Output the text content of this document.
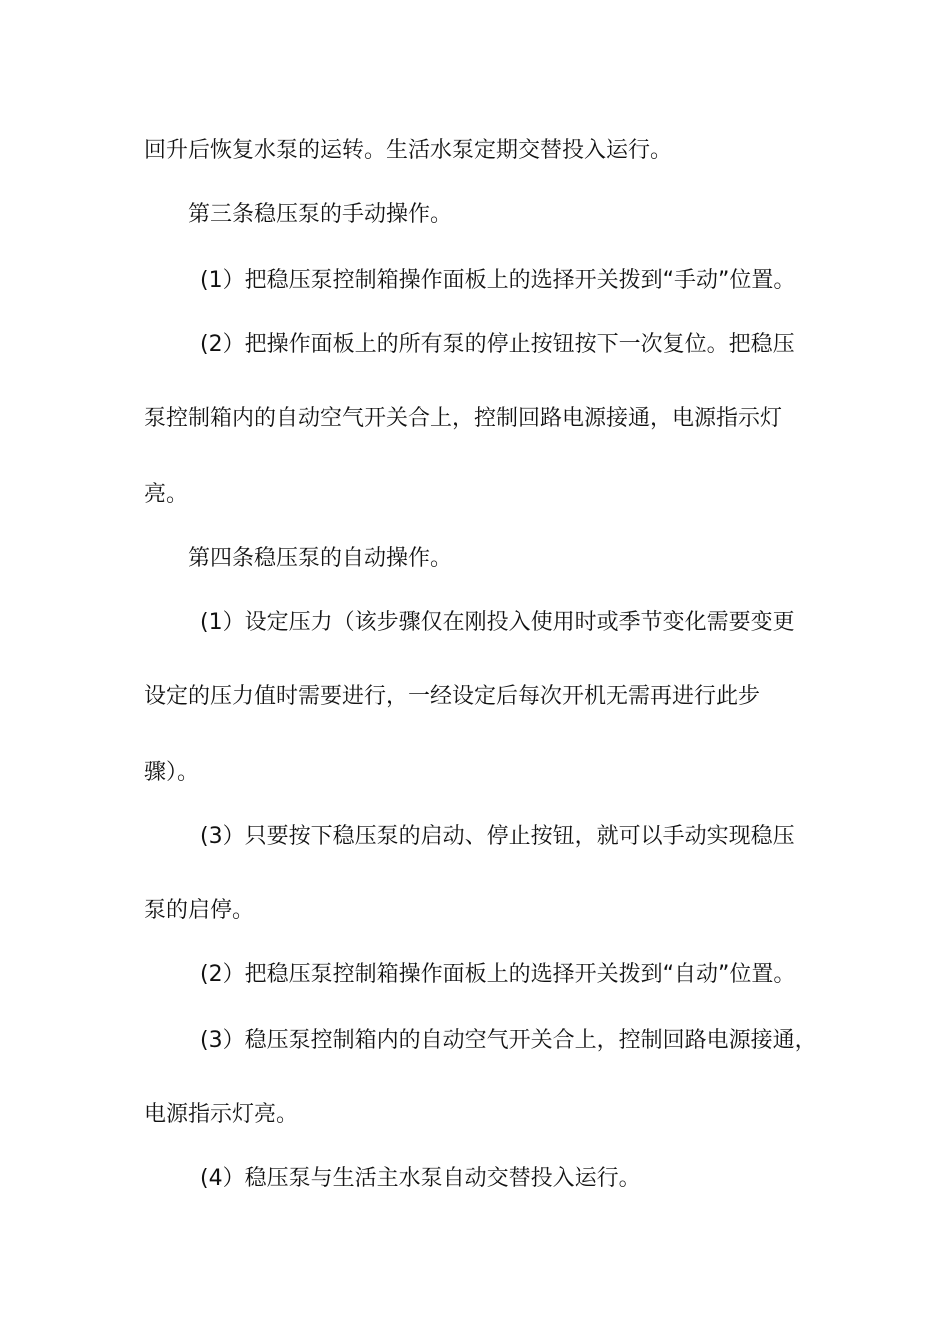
回升后恢复水泵的运转。生活水泵定期交替投入运行。
第三条稳压泵的手动操作。
(1）把稳压泵控制箱操作面板上的选择开关拨到“手动”位置。
(2）把操作面板上的所有泵的停止按钮按下一次复位。把稳压
泵控制箱内的自动空气开关合上，控制回路电源接通，电源指示灯
亮。
第四条稳压泵的自动操作。
(1）设定压力（该步骤仅在刚投入使用时或季节变化需要变更
设定的压力值时需要进行，一经设定后每次开机无需再进行此步
骤）。
(3）只要按下稳压泵的启动、停止按钮，就可以手动实现稳压
泵的启停。
(2）把稳压泵控制箱操作面板上的选择开关拨到“自动”位置。
(3）稳压泵控制箱内的自动空气开关合上，控制回路电源接通，
电源指示灯亮。
(4）稳压泵与生活主水泵自动交替投入运行。
